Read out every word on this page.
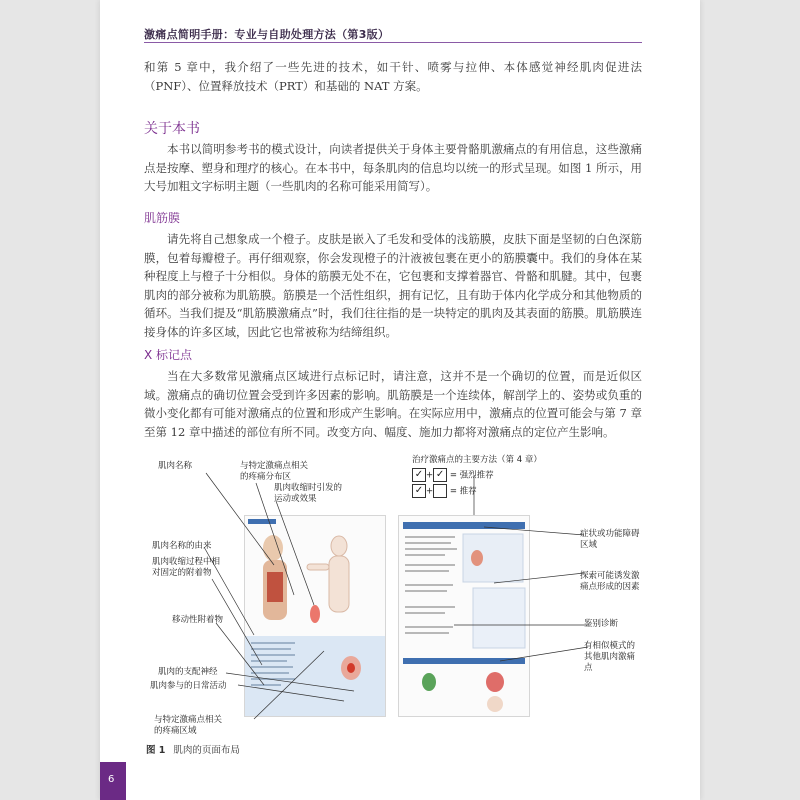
激痛点简明手册：专业与自助处理方法（第3版）

和第 5 章中，我介绍了一些先进的技术，如干针、喷雾与拉伸、本体感觉神经肌肉促进法（PNF）、位置释放技术（PRT）和基础的 NAT 方案。

关于本书

本书以简明参考书的模式设计，向读者提供关于身体主要骨骼肌激痛点的有用信息，这些激痛点是按摩、塑身和理疗的核心。在本书中，每条肌肉的信息均以统一的形式呈现。如图 1 所示，用大号加粗文字标明主题（一些肌肉的名称可能采用简写）。

肌筋膜

请先将自己想象成一个橙子。皮肤是嵌入了毛发和受体的浅筋膜，皮肤下面是坚韧的白色深筋膜，包着每瓣橙子。再仔细观察，你会发现橙子的汁液被包裹在更小的筋膜囊中。我们的身体在某种程度上与橙子十分相似。身体的筋膜无处不在，它包裹和支撑着器官、骨骼和肌腱。其中，包裹肌肉的部分被称为肌筋膜。筋膜是一个活性组织，拥有记忆，且有助于体内化学成分和其他物质的循环。当我们提及“肌筋膜激痛点”时，我们往往指的是一块特定的肌肉及其表面的筋膜。肌筋膜连接身体的许多区域，因此它也常被称为结缔组织。

X 标记点

当在大多数常见激痛点区域进行点标记时，请注意，这并不是一个确切的位置，而是近似区域。激痛点的确切位置会受到许多因素的影响。肌筋膜是一个连续体，解剖学上的、姿势或负重的微小变化都有可能对激痛点的位置和形成产生影响。在实际应用中，激痛点的位置可能会与第 7 章至第 12 章中描述的部位有所不同。改变方向、幅度、施加力都将对激痛点的定位产生影响。

肌肉名称	与特定激痛点相关的疼痛分布区
肌肉收缩时引发的运动或效果
肌肉名称的由来
肌肉收缩过程中相对固定的附着物
移动性附着物
肌肉的支配神经
肌肉参与的日常活动
与特定激痛点相关的疼痛区域
治疗激痛点的主要方法（第 4 章）
✓ + ✓ = 强烈推荐
✓ + = 推荐
症状或功能障碍区域
探索可能诱发激痛点形成的因素
鉴别诊断
有相似模式的其他肌肉激痛点
图 1 肌肉的页面布局
6
